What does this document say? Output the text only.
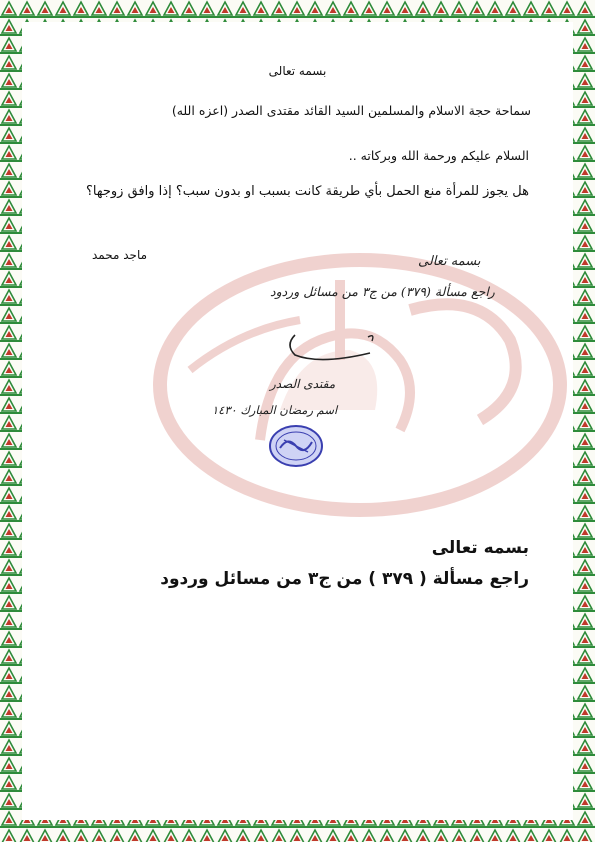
بسمه تعالى
سماحة حجة الاسلام والمسلمين السيد القائد مقتدى الصدر (اعزه الله)
السلام عليكم ورحمة الله وبركاته ..
هل يجوز للمرأة منع الحمل بأي طريقة كانت بسبب او بدون سبب؟ إذا وافق زوجها؟
ماجد محمد	بسمه تعالى
راجع مسألة (٣٧٩) من ج٣ من مسائل وردود
مقتدى الصدر
اسم رمضان المبارك ١٤٣٠
بسمه تعالى
راجع مسألة ( ٣٧٩ ) من ج٣ من مسائل وردود
